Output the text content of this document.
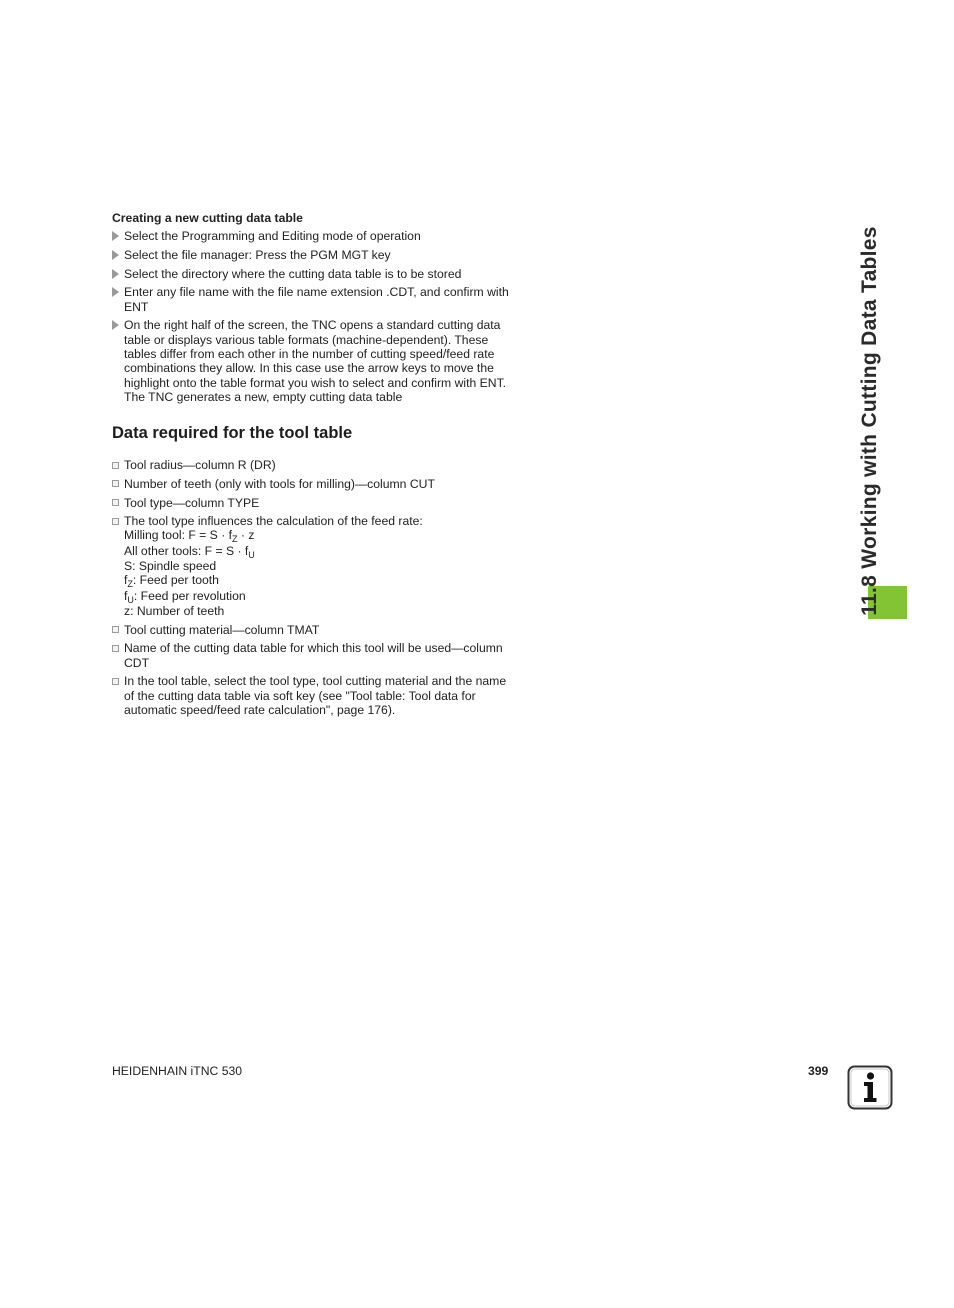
Creating a new cutting data table
Select the Programming and Editing mode of operation
Select the file manager: Press the PGM MGT key
Select the directory where the cutting data table is to be stored
Enter any file name with the file name extension .CDT, and confirm with ENT
On the right half of the screen, the TNC opens a standard cutting data table or displays various table formats (machine-dependent). These tables differ from each other in the number of cutting speed/feed rate combinations they allow. In this case use the arrow keys to move the highlight onto the table format you wish to select and confirm with ENT. The TNC generates a new, empty cutting data table
Data required for the tool table
Tool radius—column R (DR)
Number of teeth (only with tools for milling)—column CUT
Tool type—column TYPE
The tool type influences the calculation of the feed rate:
Milling tool: $F = S \cdot f_Z \cdot z$
All other tools: $F = S \cdot f_U$
S: Spindle speed
$f_Z$: Feed per tooth
$f_U$: Feed per revolution
z: Number of teeth
Tool cutting material—column TMAT
Name of the cutting data table for which this tool will be used—column CDT
In the tool table, select the tool type, tool cutting material and the name of the cutting data table via soft key (see "Tool table: Tool data for automatic speed/feed rate calculation", page 176).
11.8 Working with Cutting Data Tables
HEIDENHAIN iTNC 530	399
